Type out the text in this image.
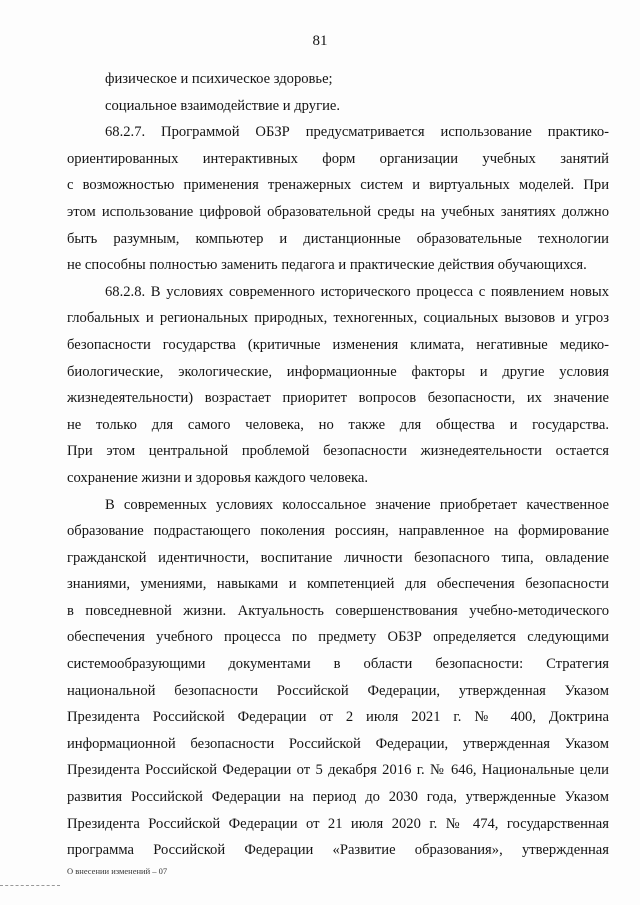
81
физическое и психическое здоровье;
социальное взаимодействие и другие.
68.2.7. Программой ОБЗР предусматривается использование практико-
ориентированных интерактивных форм организации учебных занятий
с возможностью применения тренажерных систем и виртуальных моделей. При
этом использование цифровой образовательной среды на учебных занятиях должно
быть разумным, компьютер и дистанционные образовательные технологии
не способны полностью заменить педагога и практические действия обучающихся.
68.2.8. В условиях современного исторического процесса с появлением новых
глобальных и региональных природных, техногенных, социальных вызовов и угроз
безопасности государства (критичные изменения климата, негативные медико-
биологические, экологические, информационные факторы и другие условия
жизнедеятельности) возрастает приоритет вопросов безопасности, их значение
не только для самого человека, но также для общества и государства.
При этом центральной проблемой безопасности жизнедеятельности остается
сохранение жизни и здоровья каждого человека.
В современных условиях колоссальное значение приобретает качественное
образование подрастающего поколения россиян, направленное на формирование
гражданской идентичности, воспитание личности безопасного типа, овладение
знаниями, умениями, навыками и компетенцией для обеспечения безопасности
в повседневной жизни. Актуальность совершенствования учебно-методического
обеспечения учебного процесса по предмету ОБЗР определяется следующими
системообразующими документами в области безопасности: Стратегия
национальной безопасности Российской Федерации, утвержденная Указом
Президента Российской Федерации от 2 июля 2021 г. № 400, Доктрина
информационной безопасности Российской Федерации, утвержденная Указом
Президента Российской Федерации от 5 декабря 2016 г. № 646, Национальные цели
развития Российской Федерации на период до 2030 года, утвержденные Указом
Президента Российской Федерации от 21 июля 2020 г. № 474, государственная
программа Российской Федерации «Развитие образования», утвержденная
О внесении изменений – 07
